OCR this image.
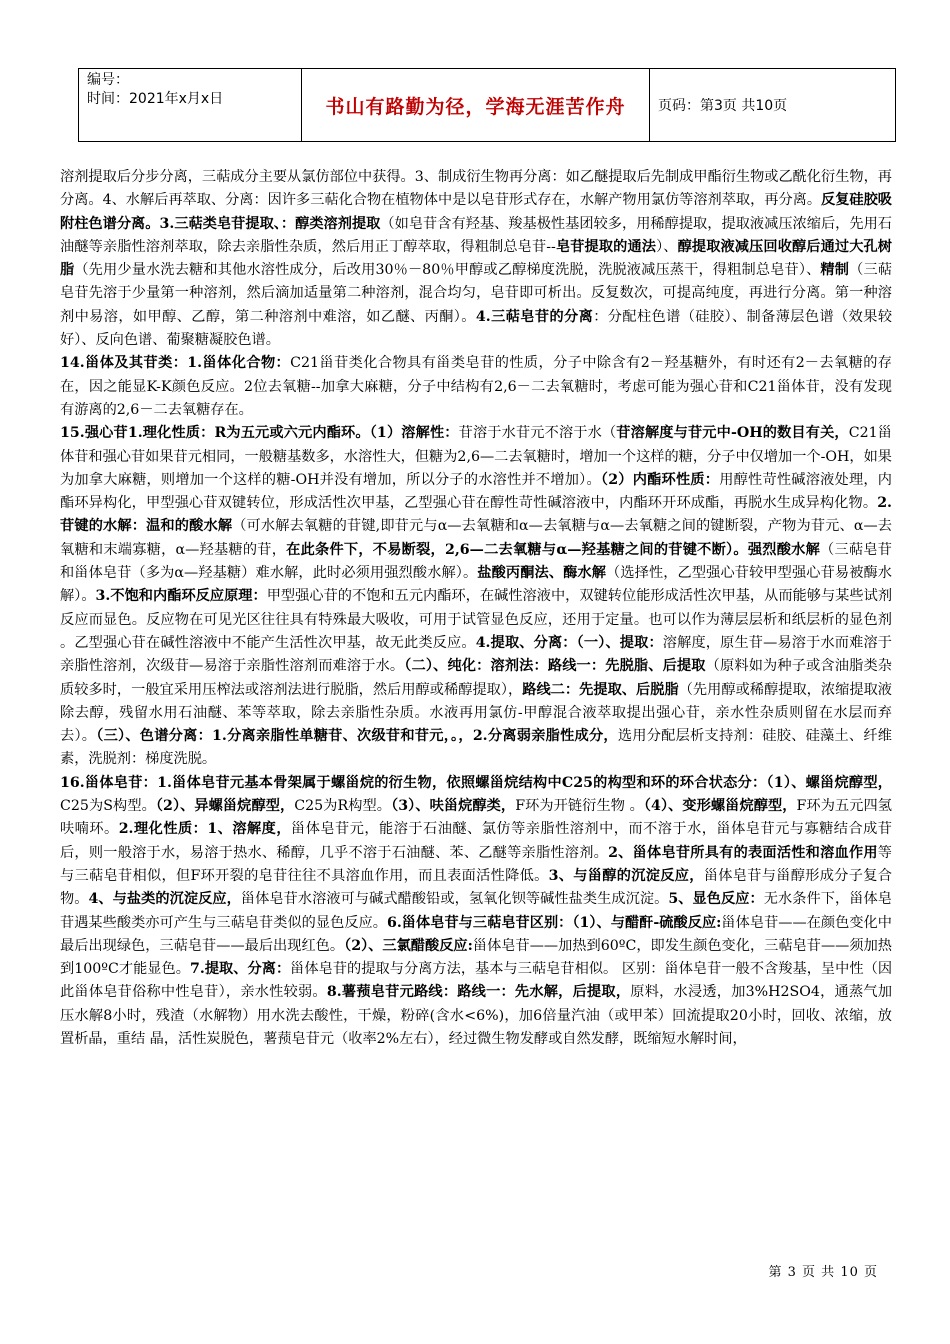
编号：
时间：2021年x月x日	书山有路勤为径，学海无涯苦作舟	页码：第3页 共10页

溶剂提取后分步分离，三萜成分主要从氯仿部位中获得。3、制成衍生物再分离：如乙醚提取后先制成甲酯衍生物或乙酰化衍生物，再分离。4、水解后再萃取、分离：因许多三萜化合物在植物体中是以皂苷形式存在，水解产物用氯仿等溶剂萃取，再分离。反复硅胶吸附柱色谱分离。3.三萜类皂苷提取、：醇类溶剂提取（如皂苷含有羟基、羧基极性基团较多，用稀醇提取，提取液减压浓缩后，先用石油醚等亲脂性溶剂萃取，除去亲脂性杂质，然后用正丁醇萃取，得粗制总皂苷--皂苷提取的通法）、醇提取液减压回收醇后通过大孔树脂（先用少量水洗去糖和其他水溶性成分，后改用30％－80％甲醇或乙醇梯度洗脱，洗脱液减压蒸干，得粗制总皂苷）、精制（三萜皂苷先溶于少量第一种溶剂，然后滴加适量第二种溶剂，混合均匀，皂苷即可析出。反复数次，可提高纯度，再进行分离。第一种溶剂中易溶，如甲醇、乙醇，第二种溶剂中难溶，如乙醚、丙酮）。4.三萜皂苷的分离：分配柱色谱（硅胶）、制备薄层色谱（效果较好）、反向色谱、葡聚糖凝胶色谱。

14.甾体及其苷类：1.甾体化合物：C21甾苷类化合物具有甾类皂苷的性质，分子中除含有2－羟基糖外，有时还有2－去氧糖的存在，因之能显K-K颜色反应。2位去氧糖--加拿大麻糖，分子中结构有2,6－二去氧糖时，考虑可能为强心苷和C21甾体苷，没有发现有游离的2,6－二去氧糖存在。

15.强心苷1.理化性质：R为五元或六元内酯环。（1）溶解性：苷溶于水苷元不溶于水（苷溶解度与苷元中-OH的数目有关，C21甾体苷和强心苷如果苷元相同，一般糖基数多，水溶性大，但糖为2,6—二去氧糖时，增加一个这样的糖，分子中仅增加一个-OH，如果为加拿大麻糖，则增加一个这样的糖-OH并没有增加，所以分子的水溶性并不增加）。（2）内酯环性质：用醇性苛性碱溶液处理，内酯环异构化，甲型强心苷双键转位，形成活性次甲基，乙型强心苷在醇性苛性碱溶液中，内酯环开环成酯，再脱水生成异构化物。2.苷键的水解：温和的酸水解（可水解去氧糖的苷键,即苷元与α—去氧糖和α—去氧糖与α—去氧糖之间的键断裂，产物为苷元、α—去氧糖和末端寡糖，α—羟基糖的苷，在此条件下，不易断裂，2,6—二去氧糖与α—羟基糖之间的苷键不断）。强烈酸水解（三萜皂苷和甾体皂苷（多为α—羟基糖）难水解，此时必须用强烈酸水解）。盐酸丙酮法、酶水解（选择性，乙型强心苷较甲型强心苷易被酶水解）。3.不饱和内酯环反应原理：甲型强心苷的不饱和五元内酯环，在碱性溶液中，双键转位能形成活性次甲基，从而能够与某些试剂反应而显色。反应物在可见光区往往具有特殊最大吸收，可用于试管显色反应，还用于定量。也可以作为薄层层析和纸层析的显色剂 。乙型强心苷在碱性溶液中不能产生活性次甲基，故无此类反应。4.提取、分离：（一）、提取：溶解度，原生苷—易溶于水而难溶于亲脂性溶剂，次级苷—易溶于亲脂性溶剂而难溶于水。（二）、纯化：溶剂法：路线一：先脱脂、后提取（原料如为种子或含油脂类杂质较多时，一般宜采用压榨法或溶剂法进行脱脂，然后用醇或稀醇提取），路线二：先提取、后脱脂（先用醇或稀醇提取，浓缩提取液除去醇，残留水用石油醚、苯等萃取，除去亲脂性杂质。水液再用氯仿-甲醇混合液萃取提出强心苷，亲水性杂质则留在水层而弃去）。（三）、色谱分离：1.分离亲脂性单糖苷、次级苷和苷元，。，2.分离弱亲脂性成分，选用分配层析支持剂：硅胶、硅藻土、纤维素，洗脱剂：梯度洗脱。

16.甾体皂苷：1.甾体皂苷元基本骨架属于螺甾烷的衍生物，依照螺甾烷结构中C25的构型和环的环合状态分：（1）、螺甾烷醇型，C25为S构型。（2）、异螺甾烷醇型，C25为R构型。（3）、呋甾烷醇类，F环为开链衍生物 。（4）、变形螺甾烷醇型，F环为五元四氢呋喃环。2.理化性质：1、溶解度，甾体皂苷元，能溶于石油醚、氯仿等亲脂性溶剂中，而不溶于水，甾体皂苷元与寡糖结合成苷后，则一般溶于水，易溶于热水、稀醇，几乎不溶于石油醚、苯、乙醚等亲脂性溶剂。2、甾体皂苷所具有的表面活性和溶血作用等与三萜皂苷相似，但F环开裂的皂苷往往不具溶血作用，而且表面活性降低。3、与甾醇的沉淀反应，甾体皂苷与甾醇形成分子复合物。4、与盐类的沉淀反应，甾体皂苷水溶液可与碱式醋酸铅或，氢氧化钡等碱性盐类生成沉淀。5、显色反应：无水条件下，甾体皂苷遇某些酸类亦可产生与三萜皂苷类似的显色反应。6.甾体皂苷与三萜皂苷区别：（1）、与醋酐-硫酸反应:甾体皂苷——在颜色变化中最后出现绿色，三萜皂苷——最后出现红色。（2）、三氯醋酸反应:甾体皂苷——加热到60ºC，即发生颜色变化，三萜皂苷——须加热到100ºC才能显色。7.提取、分离：甾体皂苷的提取与分离方法，基本与三萜皂苷相似。 区别：甾体皂苷一般不含羧基，呈中性（因此甾体皂苷俗称中性皂苷），亲水性较弱。8.薯蓣皂苷元路线：路线一：先水解，后提取，原料，水浸透，加3%H2SO4，通蒸气加压水解8小时，残渣（水解物）用水洗去酸性，干燥，粉碎(含水<6%)，加6倍量汽油（或甲苯）回流提取20小时，回收、浓缩，放置析晶，重结 晶，活性炭脱色，薯蓣皂苷元（收率2%左右），经过微生物发酵或自然发酵，既缩短水解时间，

第 3 页 共 10 页
